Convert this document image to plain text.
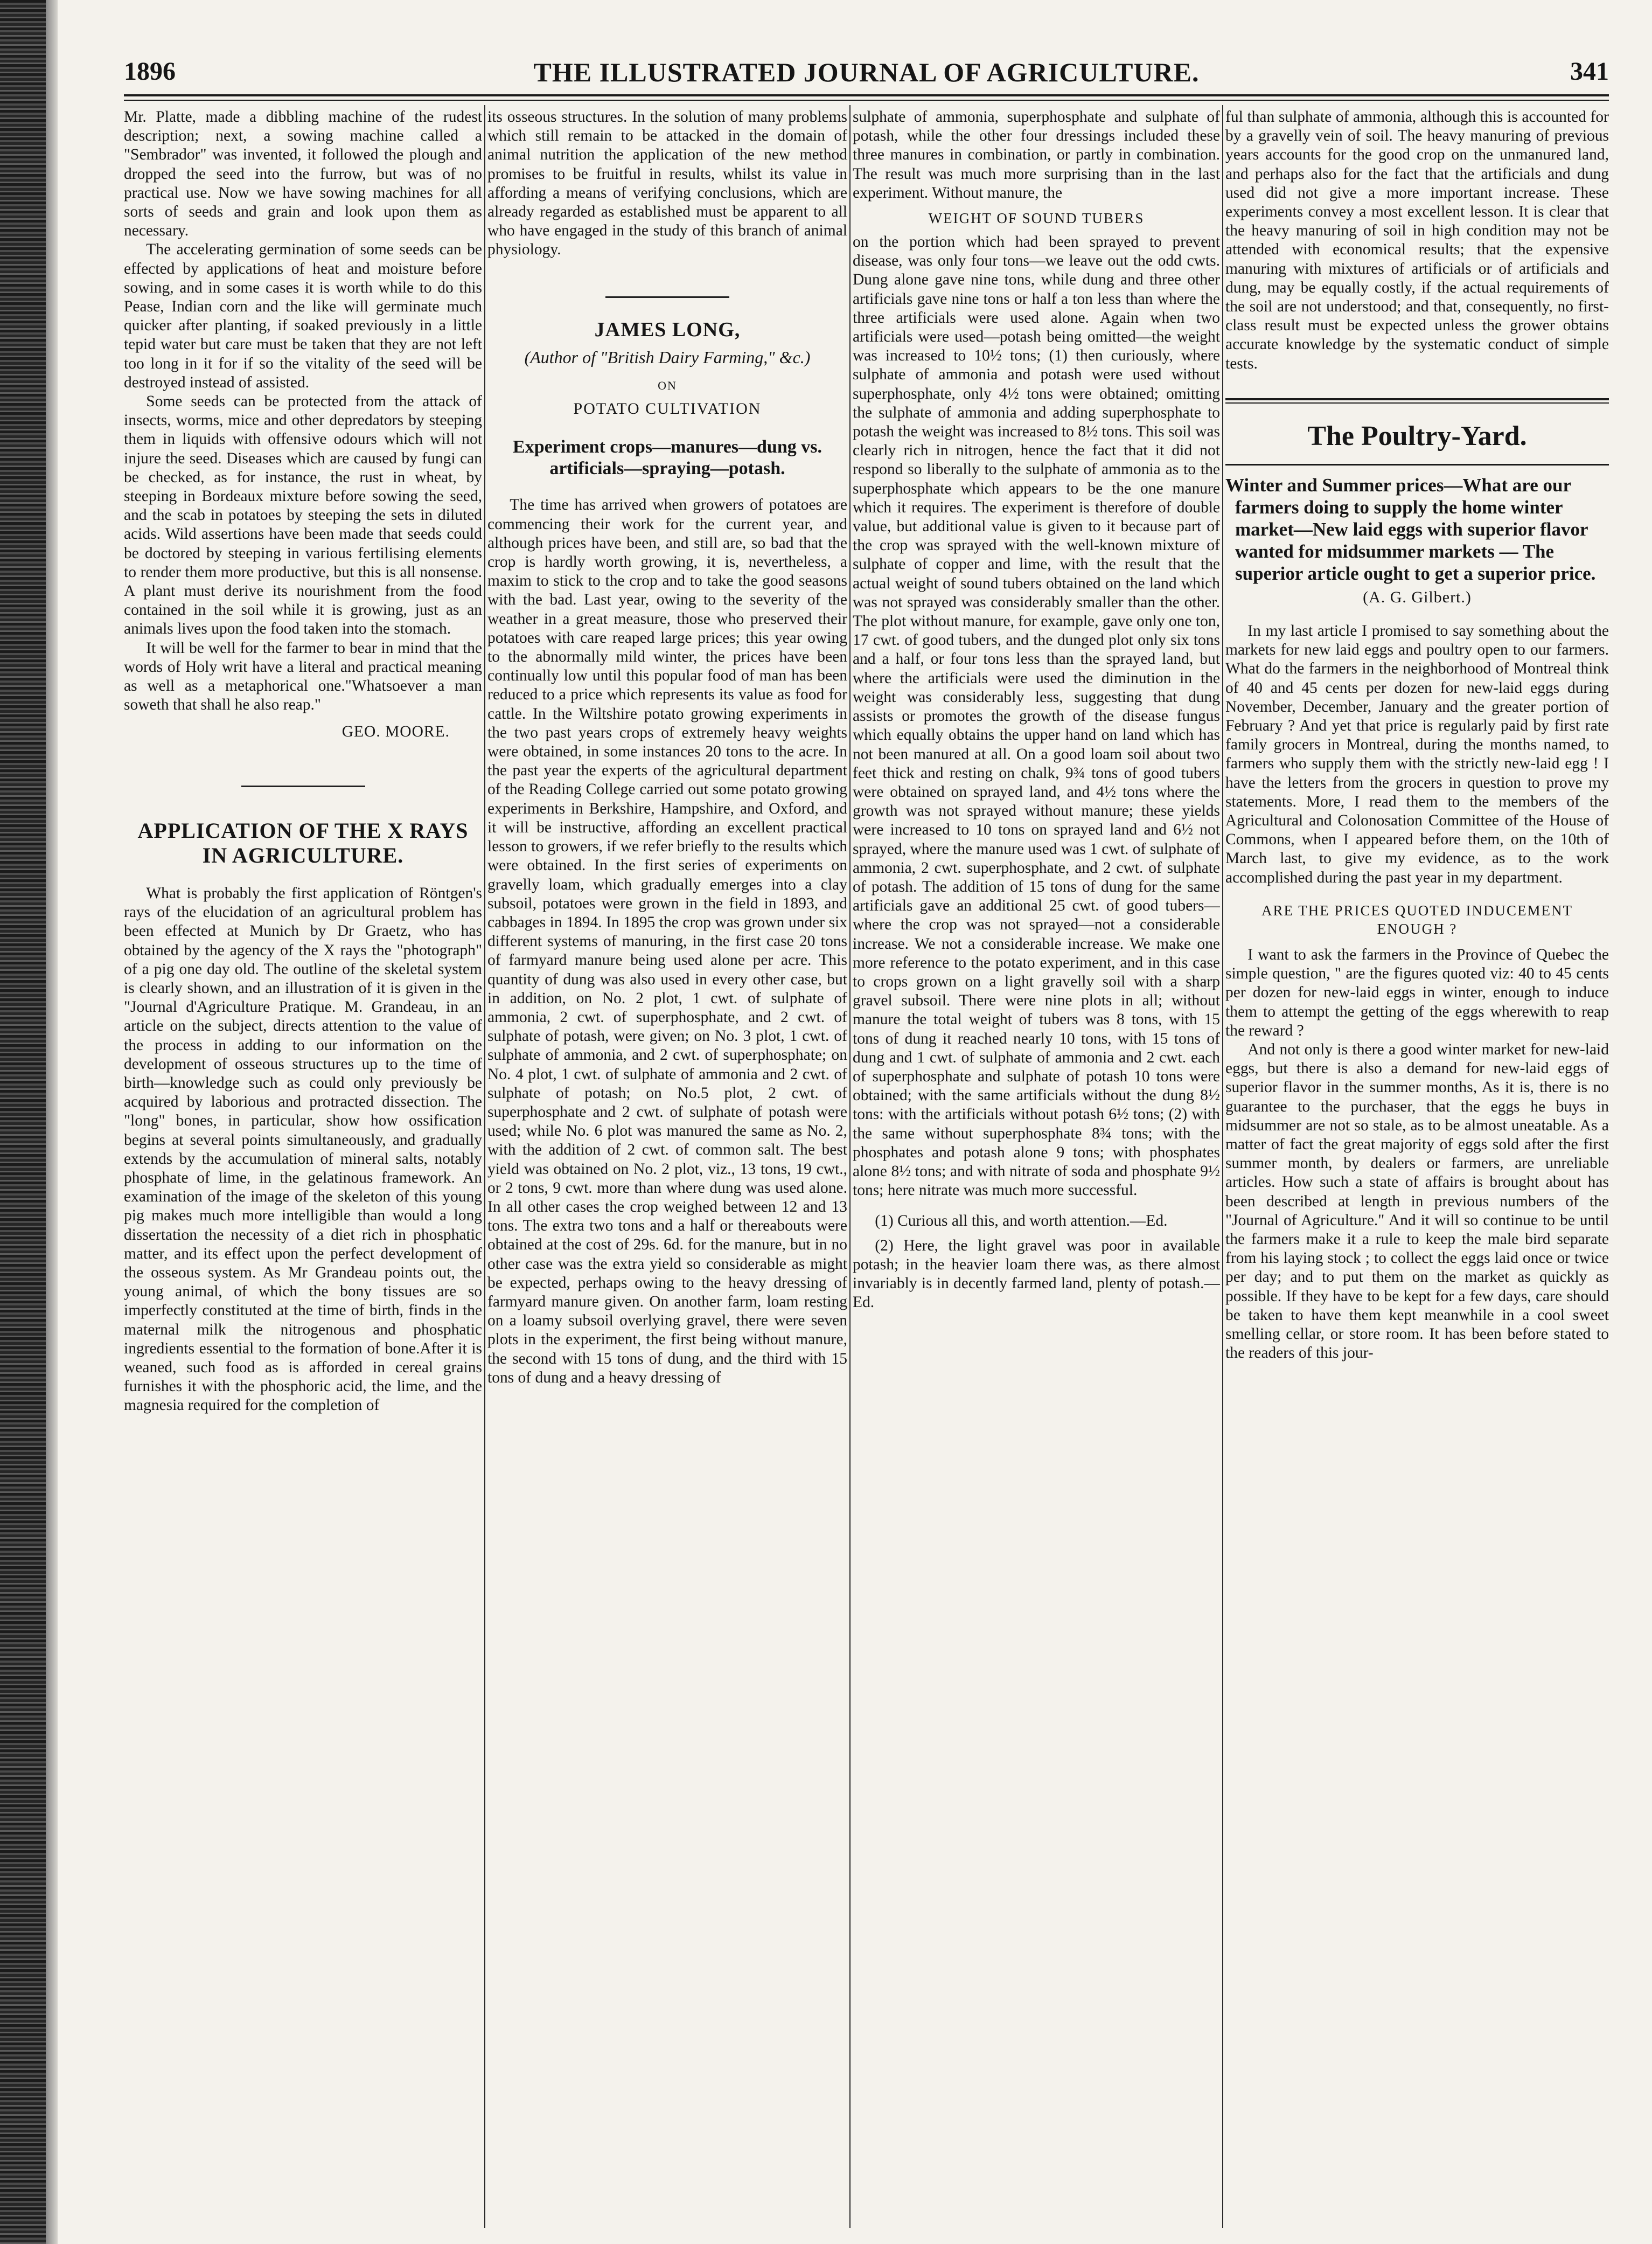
1896	THE ILLUSTRATED JOURNAL OF AGRICULTURE.	341

Mr. Platte, made a dibbling machine of the rudest description; next, a sowing machine called a "Sembrador" was invented, it followed the plough and dropped the seed into the furrow, but was of no practical use. Now we have sowing machines for all sorts of seeds and grain and look upon them as necessary.

The accelerating germination of some seeds can be effected by applications of heat and moisture before sowing, and in some cases it is worth while to do this Pease, Indian corn and the like will germinate much quicker after planting, if soaked previously in a little tepid water but care must be taken that they are not left too long in it for if so the vitality of the seed will be destroyed instead of assisted.

Some seeds can be protected from the attack of insects, worms, mice and other depredators by steeping them in liquids with offensive odours which will not injure the seed. Diseases which are caused by fungi can be checked, as for instance, the rust in wheat, by steeping in Bordeaux mixture before sowing the seed, and the scab in potatoes by steeping the sets in diluted acids. Wild assertions have been made that seeds could be doctored by steeping in various fertilising elements to render them more productive, but this is all nonsense. A plant must derive its nourishment from the food contained in the soil while it is growing, just as an animals lives upon the food taken into the stomach.

It will be well for the farmer to bear in mind that the words of Holy writ have a literal and practical meaning as well as a metaphorical one."Whatsoever a man soweth that shall he also reap."

GEO. MOORE.
APPLICATION OF THE X RAYS IN AGRICULTURE.

What is probably the first application of Röntgen's rays of the elucidation of an agricultural problem has been effected at Munich by Dr Graetz, who has obtained by the agency of the X rays the "photograph" of a pig one day old. The outline of the skeletal system is clearly shown, and an illustration of it is given in the "Journal d'Agriculture Pratique. M. Grandeau, in an article on the subject, directs attention to the value of the process in adding to our information on the development of osseous structures up to the time of birth—knowledge such as could only previously be acquired by laborious and protracted dissection. The "long" bones, in particular, show how ossification begins at several points simultaneously, and gradually extends by the accumulation of mineral salts, notably phosphate of lime, in the gelatinous framework. An examination of the image of the skeleton of this young pig makes much more intelligible than would a long dissertation the necessity of a diet rich in phosphatic matter, and its effect upon the perfect development of the osseous system. As Mr Grandeau points out, the young animal, of which the bony tissues are so imperfectly constituted at the time of birth, finds in the maternal milk the nitrogenous and phosphatic ingredients essential to the formation of bone.After it is weaned, such food as is afforded in cereal grains furnishes it with the phosphoric acid, the lime, and the magnesia required for the completion of

its osseous structures. In the solution of many problems which still remain to be attacked in the domain of animal nutrition the application of the new method promises to be fruitful in results, whilst its value in affording a means of verifying conclusions, which are already regarded as established must be apparent to all who have engaged in the study of this branch of animal physiology.

JAMES LONG,
(Author of "British Dairy Farming," &c.)
ON
POTATO CULTIVATION
Experiment crops—manures—dung vs. artificials—spraying—potash.

The time has arrived when growers of potatoes are commencing their work for the current year, and although prices have been, and still are, so bad that the crop is hardly worth growing, it is, nevertheless, a maxim to stick to the crop and to take the good seasons with the bad. Last year, owing to the severity of the weather in a great measure, those who preserved their potatoes with care reaped large prices; this year owing to the abnormally mild winter, the prices have been continually low until this popular food of man has been reduced to a price which represents its value as food for cattle. In the Wiltshire potato growing experiments in the two past years crops of extremely heavy weights were obtained, in some instances 20 tons to the acre. In the past year the experts of the agricultural department of the Reading College carried out some potato growing experiments in Berkshire, Hampshire, and Oxford, and it will be instructive, affording an excellent practical lesson to growers, if we refer briefly to the results which were obtained. In the first series of experiments on gravelly loam, which gradually emerges into a clay subsoil, potatoes were grown in the field in 1893, and cabbages in 1894. In 1895 the crop was grown under six different systems of manuring, in the first case 20 tons of farmyard manure being used alone per acre. This quantity of dung was also used in every other case, but in addition, on No. 2 plot, 1 cwt. of sulphate of ammonia, 2 cwt. of superphosphate, and 2 cwt. of sulphate of potash, were given; on No. 3 plot, 1 cwt. of sulphate of ammonia, and 2 cwt. of superphosphate; on No. 4 plot, 1 cwt. of sulphate of ammonia and 2 cwt. of sulphate of potash; on No.5 plot, 2 cwt. of superphosphate and 2 cwt. of sulphate of potash were used; while No. 6 plot was manured the same as No. 2, with the addition of 2 cwt. of common salt. The best yield was obtained on No. 2 plot, viz., 13 tons, 19 cwt., or 2 tons, 9 cwt. more than where dung was used alone. In all other cases the crop weighed between 12 and 13 tons. The extra two tons and a half or thereabouts were obtained at the cost of 29s. 6d. for the manure, but in no other case was the extra yield so considerable as might be expected, perhaps owing to the heavy dressing of farmyard manure given. On another farm, loam resting on a loamy subsoil overlying gravel, there were seven plots in the experiment, the first being without manure, the second with 15 tons of dung, and the third with 15 tons of dung and a heavy dressing of

sulphate of ammonia, superphosphate and sulphate of potash, while the other four dressings included these three manures in combination, or partly in combination. The result was much more surprising than in the last experiment. Without manure, the

WEIGHT OF SOUND TUBERS

on the portion which had been sprayed to prevent disease, was only four tons—we leave out the odd cwts. Dung alone gave nine tons, while dung and three other artificials gave nine tons or half a ton less than where the three artificials were used alone. Again when two artificials were used—potash being omitted—the weight was increased to 10½ tons; (1) then curiously, where sulphate of ammonia and potash were used without superphosphate, only 4½ tons were obtained; omitting the sulphate of ammonia and adding superphosphate to potash the weight was increased to 8½ tons. This soil was clearly rich in nitrogen, hence the fact that it did not respond so liberally to the sulphate of ammonia as to the superphosphate which appears to be the one manure which it requires. The experiment is therefore of double value, but additional value is given to it because part of the crop was sprayed with the well-known mixture of sulphate of copper and lime, with the result that the actual weight of sound tubers obtained on the land which was not sprayed was considerably smaller than the other. The plot without manure, for example, gave only one ton, 17 cwt. of good tubers, and the dunged plot only six tons and a half, or four tons less than the sprayed land, but where the artificials were used the diminution in the weight was considerably less, suggesting that dung assists or promotes the growth of the disease fungus which equally obtains the upper hand on land which has not been manured at all. On a good loam soil about two feet thick and resting on chalk, 9¾ tons of good tubers were obtained on sprayed land, and 4½ tons where the growth was not sprayed without manure; these yields were increased to 10 tons on sprayed land and 6½ not sprayed, where the manure used was 1 cwt. of sulphate of ammonia, 2 cwt. superphosphate, and 2 cwt. of sulphate of potash. The addition of 15 tons of dung for the same artificials gave an additional 25 cwt. of good tubers—where the crop was not sprayed—not a considerable increase. We not a considerable increase. We make one more reference to the potato experiment, and in this case to crops grown on a light gravelly soil with a sharp gravel subsoil. There were nine plots in all; without manure the total weight of tubers was 8 tons, with 15 tons of dung it reached nearly 10 tons, with 15 tons of dung and 1 cwt. of sulphate of ammonia and 2 cwt. each of superphosphate and sulphate of potash 10 tons were obtained; with the same artificials without the dung 8½ tons: with the artificials without potash 6½ tons; (2) with the same without superphosphate 8¾ tons; with the phosphates and potash alone 9 tons; with phosphates alone 8½ tons; and with nitrate of soda and phosphate 9½ tons; here nitrate was much more successful.

(1) Curious all this, and worth attention.—Ed.

(2) Here, the light gravel was poor in available potash; in the heavier loam there was, as there almost invariably is in decently farmed land, plenty of potash.—Ed.

ful than sulphate of ammonia, although this is accounted for by a gravelly vein of soil. The heavy manuring of previous years accounts for the good crop on the unmanured land, and perhaps also for the fact that the artificials and dung used did not give a more important increase. These experiments convey a most excellent lesson. It is clear that the heavy manuring of soil in high condition may not be attended with economical results; that the expensive manuring with mixtures of artificials or of artificials and dung, may be equally costly, if the actual requirements of the soil are not understood; and that, consequently, no first-class result must be expected unless the grower obtains accurate knowledge by the systematic conduct of simple tests.

The Poultry-Yard.
Winter and Summer prices—What are our farmers doing to supply the home winter market—New laid eggs with superior flavor wanted for midsummer markets — The superior article ought to get a superior price.
(A. G. Gilbert.)

In my last article I promised to say something about the markets for new laid eggs and poultry open to our farmers. What do the farmers in the neighborhood of Montreal think of 40 and 45 cents per dozen for new-laid eggs during November, December, January and the greater portion of February ? And yet that price is regularly paid by first rate family grocers in Montreal, during the months named, to farmers who supply them with the strictly new-laid egg ! I have the letters from the grocers in question to prove my statements. More, I read them to the members of the Agricultural and Colonosation Committee of the House of Commons, when I appeared before them, on the 10th of March last, to give my evidence, as to the work accomplished during the past year in my department.

ARE THE PRICES QUOTED INDUCEMENT ENOUGH ?

I want to ask the farmers in the Province of Quebec the simple question, " are the figures quoted viz: 40 to 45 cents per dozen for new-laid eggs in winter, enough to induce them to attempt the getting of the eggs wherewith to reap the reward ?

And not only is there a good winter market for new-laid eggs, but there is also a demand for new-laid eggs of superior flavor in the summer months, As it is, there is no guarantee to the purchaser, that the eggs he buys in midsummer are not so stale, as to be almost uneatable. As a matter of fact the great majority of eggs sold after the first summer month, by dealers or farmers, are unreliable articles. How such a state of affairs is brought about has been described at length in previous numbers of the "Journal of Agriculture." And it will so continue to be until the farmers make it a rule to keep the male bird separate from his laying stock ; to collect the eggs laid once or twice per day; and to put them on the market as quickly as possible. If they have to be kept for a few days, care should be taken to have them kept meanwhile in a cool sweet smelling cellar, or store room. It has been before stated to the readers of this jour-
